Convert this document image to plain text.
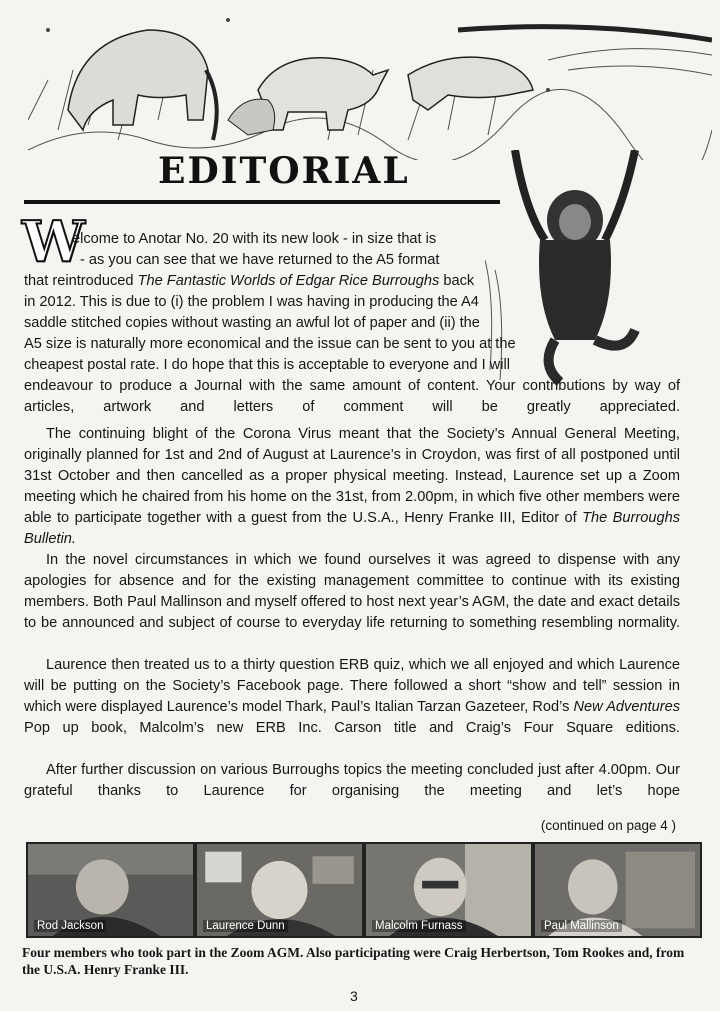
EDITORIAL
W
elcome to Anotar No. 20 with its new look - in size that is
- as you can see that we have returned to the A5 format
that reintroduced The Fantastic Worlds of Edgar Rice Burroughs back
in 2012. This is due to (i) the problem I was having in producing the A4
saddle stitched copies without wasting an awful lot of paper and (ii) the
A5 size is naturally more economical and the issue can be sent to you at the
cheapest postal rate. I do hope that this is acceptable to everyone and I will

endeavour to produce a Journal with the same amount of content. Your contributions by way of articles, artwork and letters of comment will be greatly appreciated.

The continuing blight of the Corona Virus meant that the Society’s Annual General Meeting, originally planned for 1st and 2nd of August at Laurence’s in Croydon, was first of all postponed until 31st October and then cancelled as a proper physical meeting. Instead, Laurence set up a Zoom meeting which he chaired from his home on the 31st, from 2.00pm, in which five other members were able to participate together with a guest from the U.S.A., Henry Franke III, Editor of The Burroughs Bulletin.

In the novel circumstances in which we found ourselves it was agreed to dispense with any apologies for absence and for the existing management committee to continue with its existing members. Both Paul Mallinson and myself offered to host next year’s AGM, the date and exact details to be announced and subject of course to everyday life returning to something resembling normality.

Laurence then treated us to a thirty question ERB quiz, which we all enjoyed and which Laurence will be putting on the Society’s Facebook page. There followed a short “show and tell” session in which were displayed Laurence’s model Thark, Paul’s Italian Tarzan Gazeteer, Rod’s New Adventures Pop up book, Malcolm’s new ERB Inc. Carson title and Craig’s Four Square editions.

After further discussion on various Burroughs topics the meeting concluded just after 4.00pm. Our grateful thanks to Laurence for organising the meeting and let’s hope

(continued on page 4 )
Rod Jackson	Laurence Dunn	Malcolm Furnass	Paul Mallinson
Four members who took part in the Zoom AGM. Also participating were Craig Herbertson, Tom Rookes and, from the U.S.A. Henry Franke III.
3
